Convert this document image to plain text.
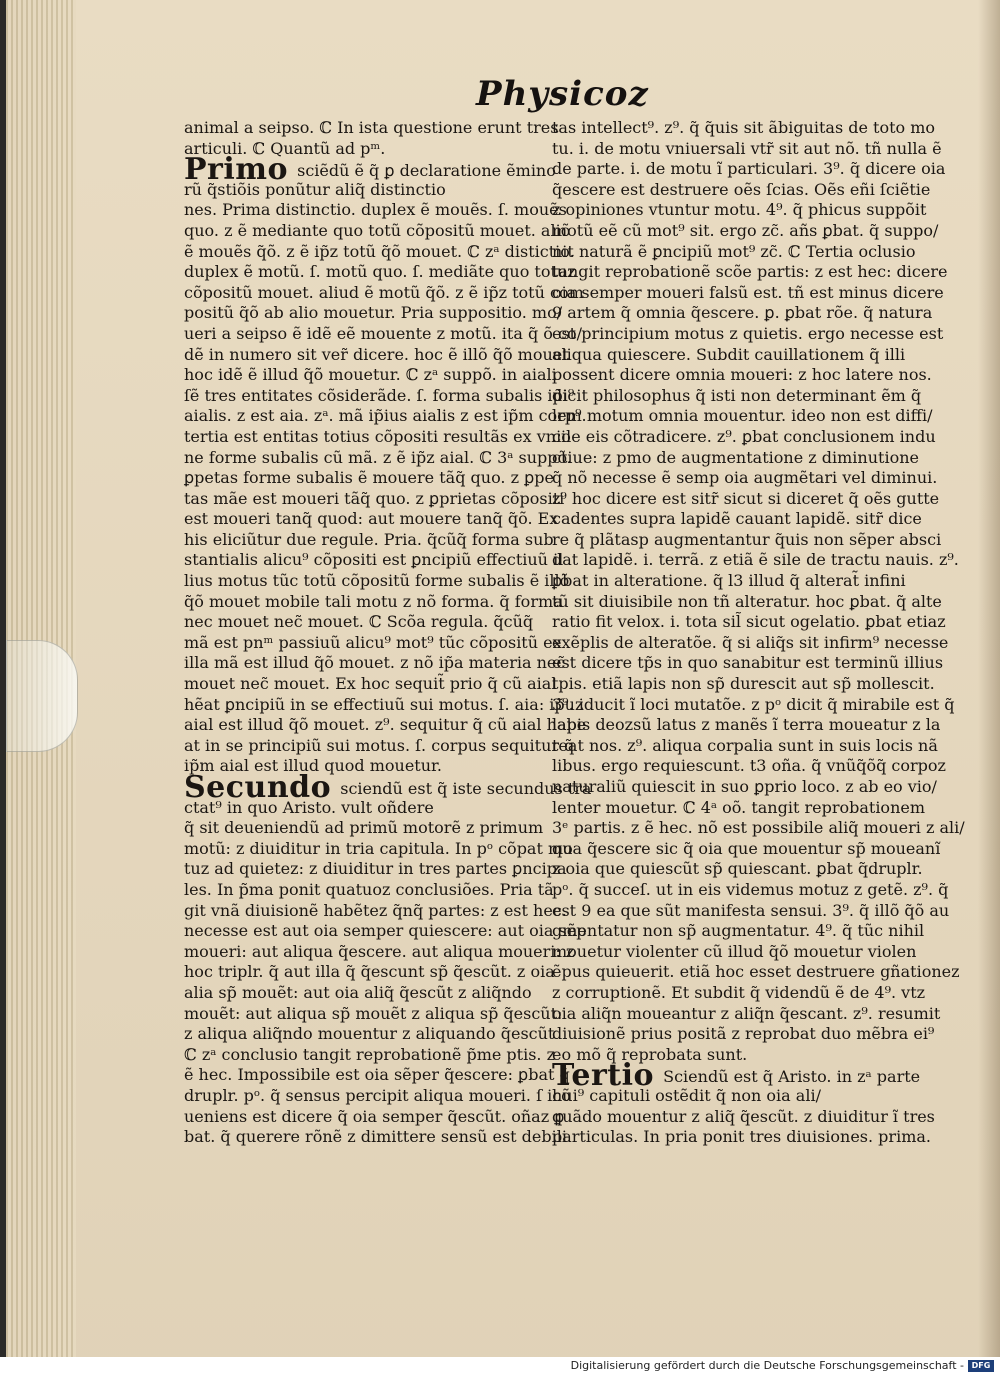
Physicoz
animal a seipso. ℂ In ista questione erunt tres
articuli. ℂ Quantũ ad pᵐ.
Primo sciẽdũ ẽ q̃ ꝑ declaratione ẽmino
rũ q̃stiõis ponũtur aliq̃ distinctio
nes. Prima distinctio. duplex ẽ mouẽs. ſ. mouẽs
quo. z ẽ mediante quo totũ cõpositũ mouet. aliõ
ẽ mouẽs q̃õ. z ẽ ip̃z totũ q̃õ mouet. ℂ zᵃ distictio.
duplex ẽ motũ. ſ. motũ quo. ſ. mediãte quo totuz
cõpositũ mouet. aliud ẽ motũ q̃õ. z ẽ ip̃z totũ com
positũ q̃õ ab alio mouetur. Pria suppositio. mo/
ueri a seipso ẽ idẽ eẽ mouente z motũ. ita q̃ õ co/
dẽ in numero sit ver̃ dicere. hoc ẽ illõ q̃õ mouet
hoc idẽ ẽ illud q̃õ mouetur. ℂ zᵃ suppõ. in aiali
ſẽ tres entitates cõsiderãde. ſ. forma subalis ip̃i⁹
aialis. z est aia. zᵃ. mã ip̃ius aialis z est ip̃m corp⁹.
tertia est entitas totius cõpositi resultãs ex vnio
ne forme subalis cũ mã. z ẽ ip̃z aial. ℂ 3ᵃ suppõ.
ꝑpetas forme subalis ẽ mouere tãq̃ quo. z ꝑpe
tas mãe est moueri tãq̃ quo. z ꝑprietas cõpositi
est moueri tanq̃ quod: aut mouere tanq̃ q̃õ. Ex
his eliciũtur due regule. Pria. q̃cũq̃ forma sub
stantialis alicu⁹ cõpositi est ꝑncipiũ effectiuũ il
lius motus tũc totũ cõpositũ forme subalis ẽ illõ
q̃õ mouet mobile tali motu z nõ forma. q̃ forma
nec mouet nec̃ mouet. ℂ Scõa regula. q̃cũq̃
mã est pnᵐ passiuũ alicu⁹ mot⁹ tũc cõpositũ ex
illa mã est illud q̃õ mouet. z nõ ip̃a materia nec̃
mouet nec̃ mouet. Ex hoc sequit̃ prio q̃ cũ aial
hẽat ꝑncipiũ in se effectiuũ sui motus. ſ. aia: ip̃uz
aial est illud q̃õ mouet. z⁹. sequitur q̃ cũ aial habe
at in se principiũ sui motus. ſ. corpus sequitur q̃
ip̃m aial est illud quod mouetur.
Secundo sciendũ est q̃ iste secundus tra
ctat⁹ in quo Aristo. vult oñdere
q̃ sit deueniendũ ad primũ motorẽ z primum
motũ: z diuiditur in tria capitula. In pᵒ cõpat mo
tuz ad quietez: z diuiditur in tres partes ꝑncipa
les. In p̃ma ponit quatuoz conclusiões. Pria tã
git vnã diuisionẽ habẽtez q̃nq̃ partes: z est hec.
necesse est aut oia semper quiescere: aut oia sẽp
moueri: aut aliqua q̃escere. aut aliqua moueri: z
hoc triplr. q̃ aut illa q̃ q̃escunt sp̃ q̃escũt. z oia
alia sp̃ mouẽt: aut oia aliq̃ q̃escũt z aliq̃ndo
mouẽt: aut aliqua sp̃ mouẽt z aliqua sp̃ q̃escũt:
z aliqua aliq̃ndo mouentur z aliquando q̃escũt
ℂ zᵃ conclusio tangit reprobationẽ p̃me ptis. z
ẽ hec. Impossibile est oia sẽper q̃escere: ꝑbat q̃
druplr. pᵒ. q̃ sensus percipit aliqua moueri. ſ icõ
ueniens est dicere q̃ oia semper q̃escũt. oñaz ꝑ
bat. q̃ querere rõnẽ z dimittere sensũ est debili
tas intellect⁹. z⁹. q̃ q̃uis sit ãbiguitas de toto mo
tu. i. de motu vniuersali vtr̃ sit aut nõ. tñ nulla ẽ
de parte. i. de motu ĩ particulari. 3⁹. q̃ dicere oia
q̃escere est destruere oẽs ſcias. Oẽs eñi ſciẽtie
z opiniones vtuntur motu. 4⁹. q̃ phicus suppõit
motũ eẽ cũ mot⁹ sit. ergo zc̃. añs ꝑbat. q̃ suppo/
nit naturã ẽ ꝑncipiũ mot⁹ zc̃. ℂ Tertia oclusio
tangit reprobationẽ scõe partis: z est hec: dicere
oia semper moueri falsũ est. tñ est minus dicere
9 artem q̃ omnia q̃escere. ꝑ. ꝑbat rõe. q̃ natura
est principium motus z quietis. ergo necesse est
aliqua quiescere. Subdit cauillationem q̃ illi
possent dicere omnia moueri: z hoc latere nos.
dicit philosophus q̃ isti non determinant ẽm q̃
lem motum omnia mouentur. ideo non est diffi/
cile eis cõtradicere. z⁹. ꝑbat conclusionem indu
ctiue: z pmo de augmentatione z diminutione
q̃ nõ necesse ẽ semp oia augmẽtari vel diminui.
z⁹ hoc dicere est sitr̃ sicut si diceret q̃ oẽs gutte
cadentes supra lapidẽ cauant lapidẽ. sitr̃ dice
re q̃ plãtasp augmentantur q̃uis non sẽper absci
dat lapidẽ. i. terrã. z etiã ẽ sile de tractu nauis. z⁹.
ꝑbat in alteratione. q̃ l3 illud q̃ alterat̃ infini
tũ sit diuisibile non tñ alteratur. hoc ꝑbat. q̃ alte
ratio fit velox. i. tota sil̃ sicut ogelatio. ꝑbat etiaz
exẽplis de alteratõe. q̃ si aliq̃s sit infirm⁹ necesse
est dicere tp̃s in quo sanabitur est terminũ illius
tpis. etiã lapis non sp̃ durescit aut sp̃ mollescit.
3⁹. iducit ĩ loci mutatõe. z pᵒ dicit q̃ mirabile est q̃
lapis deozsũ latus z manẽs ĩ terra moueatur z la
teat nos. z⁹. aliqua corpalia sunt in suis locis nã
libus. ergo requiescunt. t3 oña. q̃ vnũq̃õq̃ corpoz
naturaliũ quiescit in suo ꝑprio loco. z ab eo vio/
lenter mouetur. ℂ 4ᵃ oõ. tangit reprobationem
3ᵉ partis. z ẽ hec. nõ est possibile aliq̃ moueri z ali/
qua q̃escere sic q̃ oia que mouentur sp̃ moueanĩ
z oia que quiescũt sp̃ quiescant. ꝑbat q̃druplr.
pᵒ. q̃ succeſ. ut in eis videmus motuz z getẽ. z⁹. q̃
est 9 ea que sũt manifesta sensui. 3⁹. q̃ illõ q̃õ au
gmentatur non sp̃ augmentatur. 4⁹. q̃ tũc nihil
mouetur violenter cũ illud q̃õ mouetur violen
ẽpus quieuerit. etiã hoc esset destruere gñationez
z corruptionẽ. Et subdit q̃ videndũ ẽ de 4⁹. vtz
oia aliq̃n moueantur z aliq̃n q̃escant. z⁹. resumit
diuisionẽ prius positã z reprobat duo mẽbra ei⁹
eo mõ q̃ reprobata sunt.
Tertio Sciendũ est q̃ Aristo. in zᵃ parte
hui⁹ capituli ostẽdit q̃ non oia ali/
quãdo mouentur z aliq̃ q̃escũt. z diuiditur ĩ tres
particulas. In pria ponit tres diuisiones. prima.
Digitalisierung gefördert durch die Deutsche Forschungsgemeinschaft - DFG
